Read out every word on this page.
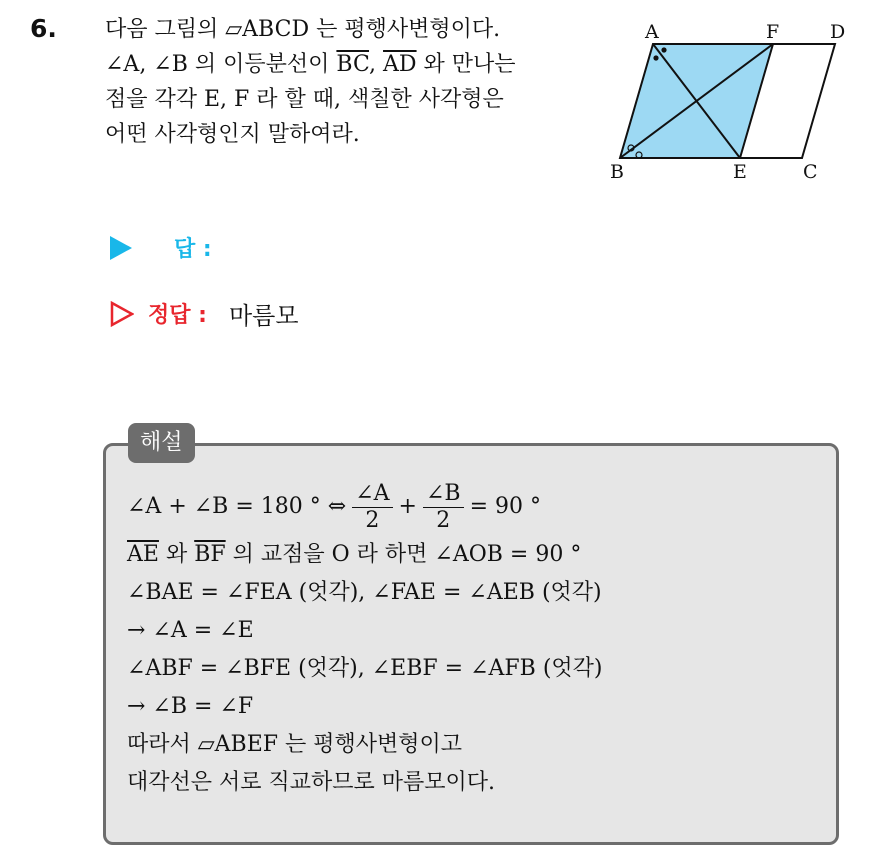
6. 다음 그림의 ▱ABCD 는 평행사변형이다.
∠A, ∠B 의 이등분선이 $\overline{BC}$, $\overline{AD}$ 와 만나는
점을 각각 E, F 라 할 때, 색칠한 사각형은
어떤 사각형인지 말하여라.
A	F	D
B	E	C
답 :
정답 : 마름모
해설
∠A + ∠B = 180 ° ⇔ $\frac{\angle A}{2} + \frac{\angle B}{2} = 90$ °
$\overline{AE}$ 와 $\overline{BF}$ 의 교점을 O 라 하면 ∠AOB = 90 °
∠BAE = ∠FEA (엇각), ∠FAE = ∠AEB (엇각)
→ ∠A = ∠E
∠ABF = ∠BFE (엇각), ∠EBF = ∠AFB (엇각)
→ ∠B = ∠F
따라서 ▱ABEF 는 평행사변형이고
대각선은 서로 직교하므로 마름모이다.
